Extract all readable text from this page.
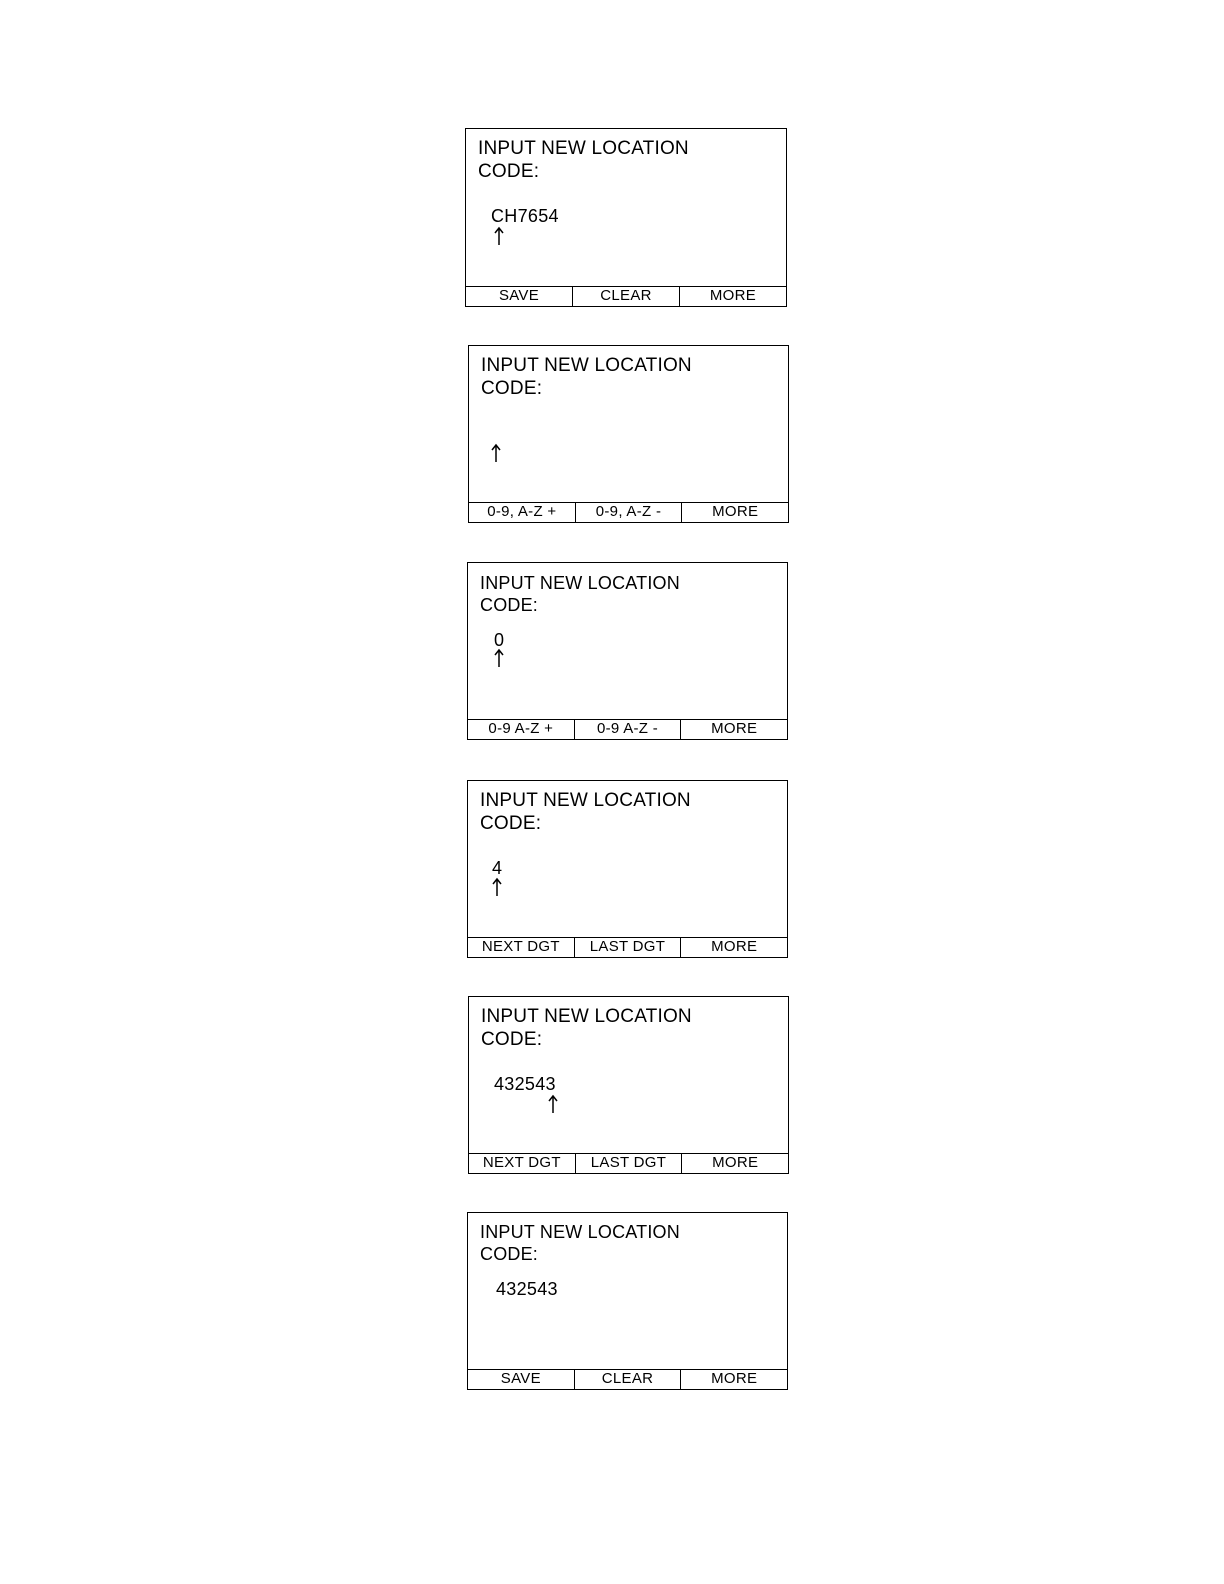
INPUT NEW LOCATION
CODE:
CH7654
SAVE	CLEAR	MORE
INPUT NEW LOCATION
CODE:
0-9, A-Z +	0-9, A-Z -	MORE
INPUT NEW LOCATION
CODE:
0
0-9 A-Z +	0-9 A-Z -	MORE
INPUT NEW LOCATION
CODE:
4
NEXT DGT	LAST DGT	MORE
INPUT NEW LOCATION
CODE:
432543
NEXT DGT	LAST DGT	MORE
INPUT NEW LOCATION
CODE:
432543
SAVE	CLEAR	MORE
